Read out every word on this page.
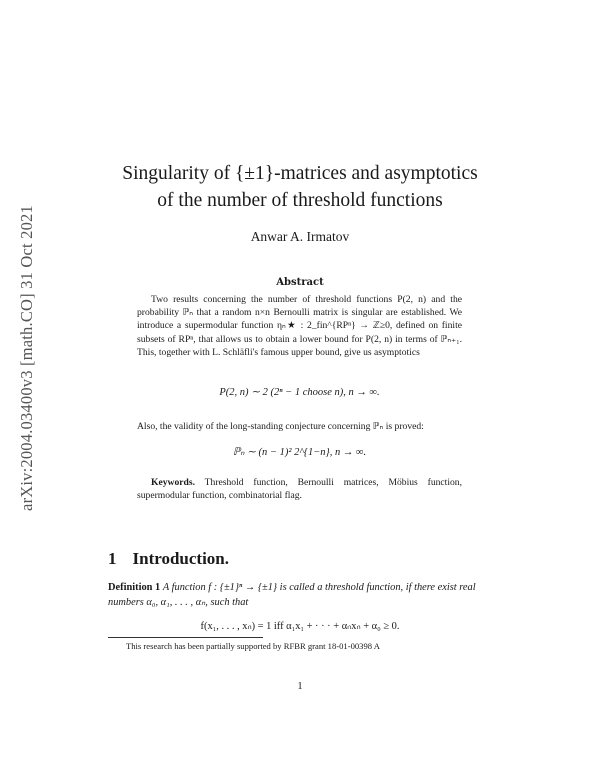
arXiv:2004.03400v3 [math.CO] 31 Oct 2021
Singularity of {±1}-matrices and asymptotics
of the number of threshold functions
Anwar A. Irmatov
Abstract
Two results concerning the number of threshold functions P(2, n) and the probability ℙₙ that a random n×n Bernoulli matrix is singular are established. We introduce a supermodular function ηₙ★ : 2_fin^{RPⁿ} → ℤ≥0, defined on finite subsets of RPⁿ, that allows us to obtain a lower bound for P(2, n) in terms of ℙₙ₊₁. This, together with L. Schläfli's famous upper bound, give us asymptotics
P(2, n) ∼ 2 (2ⁿ − 1 choose n), n → ∞.
Also, the validity of the long-standing conjecture concerning ℙₙ is proved:
ℙₙ ∼ (n − 1)² 2^{1−n}, n → ∞.
Keywords. Threshold function, Bernoulli matrices, Möbius function, supermodular function, combinatorial flag.
1 Introduction.
Definition 1 A function f : {±1}ⁿ → {±1} is called a threshold function, if there exist real numbers α₀, α₁, . . . , αₙ, such that
f(x₁, . . . , xₙ) = 1 iff α₁x₁ + · · · + αₙxₙ + α₀ ≥ 0.
This research has been partially supported by RFBR grant 18-01-00398 A
1
